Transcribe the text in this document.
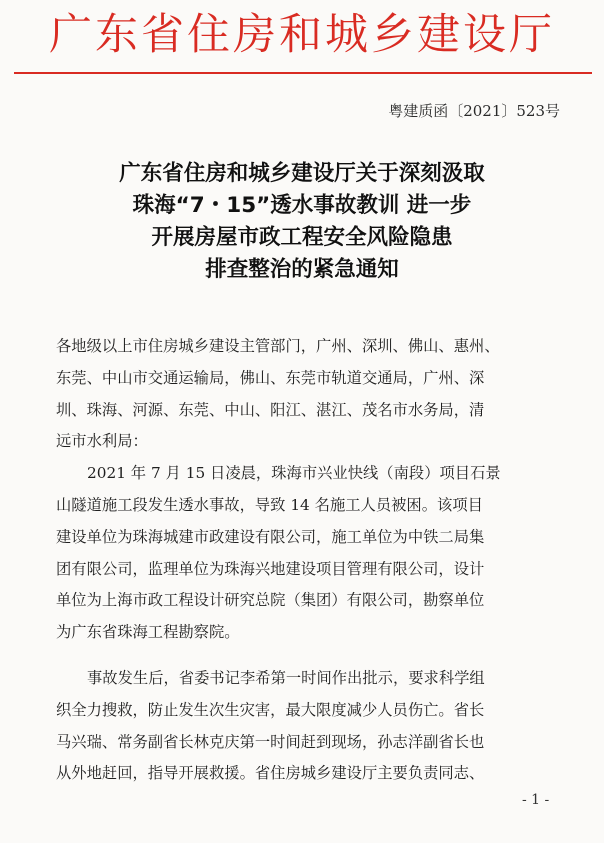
广东省住房和城乡建设厅
粤建质函〔2021〕523号
广东省住房和城乡建设厅关于深刻汲取
珠海“7・15”透水事故教训 进一步
开展房屋市政工程安全风险隐患
排查整治的紧急通知

各地级以上市住房城乡建设主管部门，广州、深圳、佛山、惠州、
东莞、中山市交通运输局，佛山、东莞市轨道交通局，广州、深
圳、珠海、河源、东莞、中山、阳江、湛江、茂名市水务局，清
远市水利局：

2021 年 7 月 15 日凌晨，珠海市兴业快线（南段）项目石景
山隧道施工段发生透水事故，导致 14 名施工人员被困。该项目
建设单位为珠海城建市政建设有限公司，施工单位为中铁二局集
团有限公司，监理单位为珠海兴地建设项目管理有限公司，设计
单位为上海市政工程设计研究总院（集团）有限公司，勘察单位
为广东省珠海工程勘察院。

事故发生后，省委书记李希第一时间作出批示，要求科学组
织全力搜救，防止发生次生灾害，最大限度减少人员伤亡。省长
马兴瑞、常务副省长林克庆第一时间赶到现场，孙志洋副省长也
从外地赶回，指导开展救援。省住房城乡建设厅主要负责同志、

- 1 -
